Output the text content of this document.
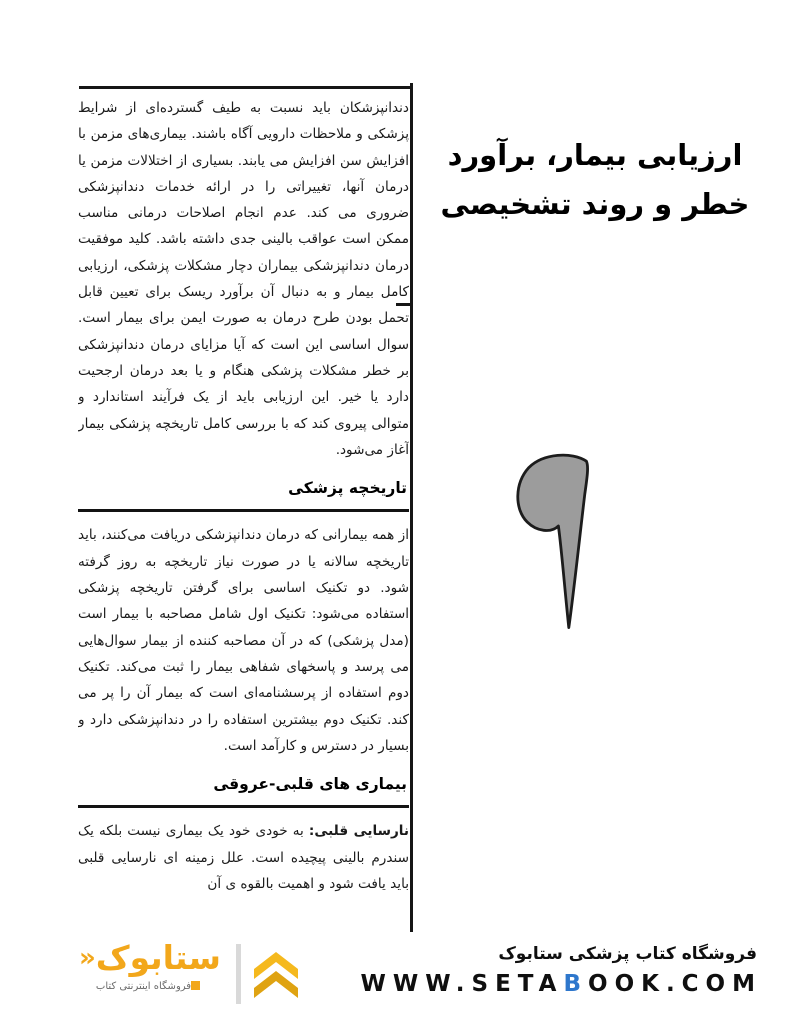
ارزیابی بیمار، برآورد
خطر و روند تشخیصی

دندانپزشکان باید نسبت به طیف گسترده‌ای از شرایط پزشکی و ملاحظات دارویی آگاه باشند. بیماری‌های مزمن با افزایش سن افزایش می یابند. بسیاری از اختلالات مزمن یا درمان آنها، تغییراتی را در ارائه خدمات دندانپزشکی ضروری می کند. عدم انجام اصلاحات درمانی مناسب ممکن است عواقب بالینی جدی داشته باشد. کلید موفقیت درمان دندانپزشکی بیماران دچار مشکلات پزشکی، ارزیابی کامل بیمار و به دنبال آن برآورد ریسک برای تعیین قابل تحمل بودن طرح درمان به صورت ایمن برای بیمار است. سوال اساسی این است که آیا مزایای درمان دندانپزشکی بر خطر مشکلات پزشکی هنگام و یا بعد درمان ارجحیت دارد یا خیر. این ارزیابی باید از یک فرآیند استاندارد و متوالی پیروی کند که با بررسی کامل تاریخچه پزشکی بیمار آغاز می‌شود.

تاریخچه پزشکی

از همه بیمارانی که درمان دندانپزشکی دریافت می‌کنند، باید تاریخچه سالانه یا در صورت نیاز تاریخچه به روز گرفته شود. دو تکنیک اساسی برای گرفتن تاریخچه پزشکی استفاده می‌شود: تکنیک اول شامل مصاحبه با بیمار است (مدل پزشکی) که در آن مصاحبه کننده از بیمار سوال‌هایی می پرسد و پاسخهای شفاهی بیمار را ثبت می‌کند. تکنیک دوم استفاده از پرسشنامه‌ای است که بیمار آن را پر می کند. تکنیک دوم بیشترین استفاده را در دندانپزشکی دارد و بسیار در دسترس و کارآمد است.

بیماری های قلبی-عروقی

نارسایی قلبی: به خودی خود یک بیماری نیست بلکه یک سندرم بالینی پیچیده است. علل زمینه ای نارسایی قلبی باید یافت شود و اهمیت بالقوه ی آن

فروشگاه کتاب پزشکی ستابوک
WWW.SETABOOK.COM
ستابوک«
فروشگاه اینترنتی کتاب
